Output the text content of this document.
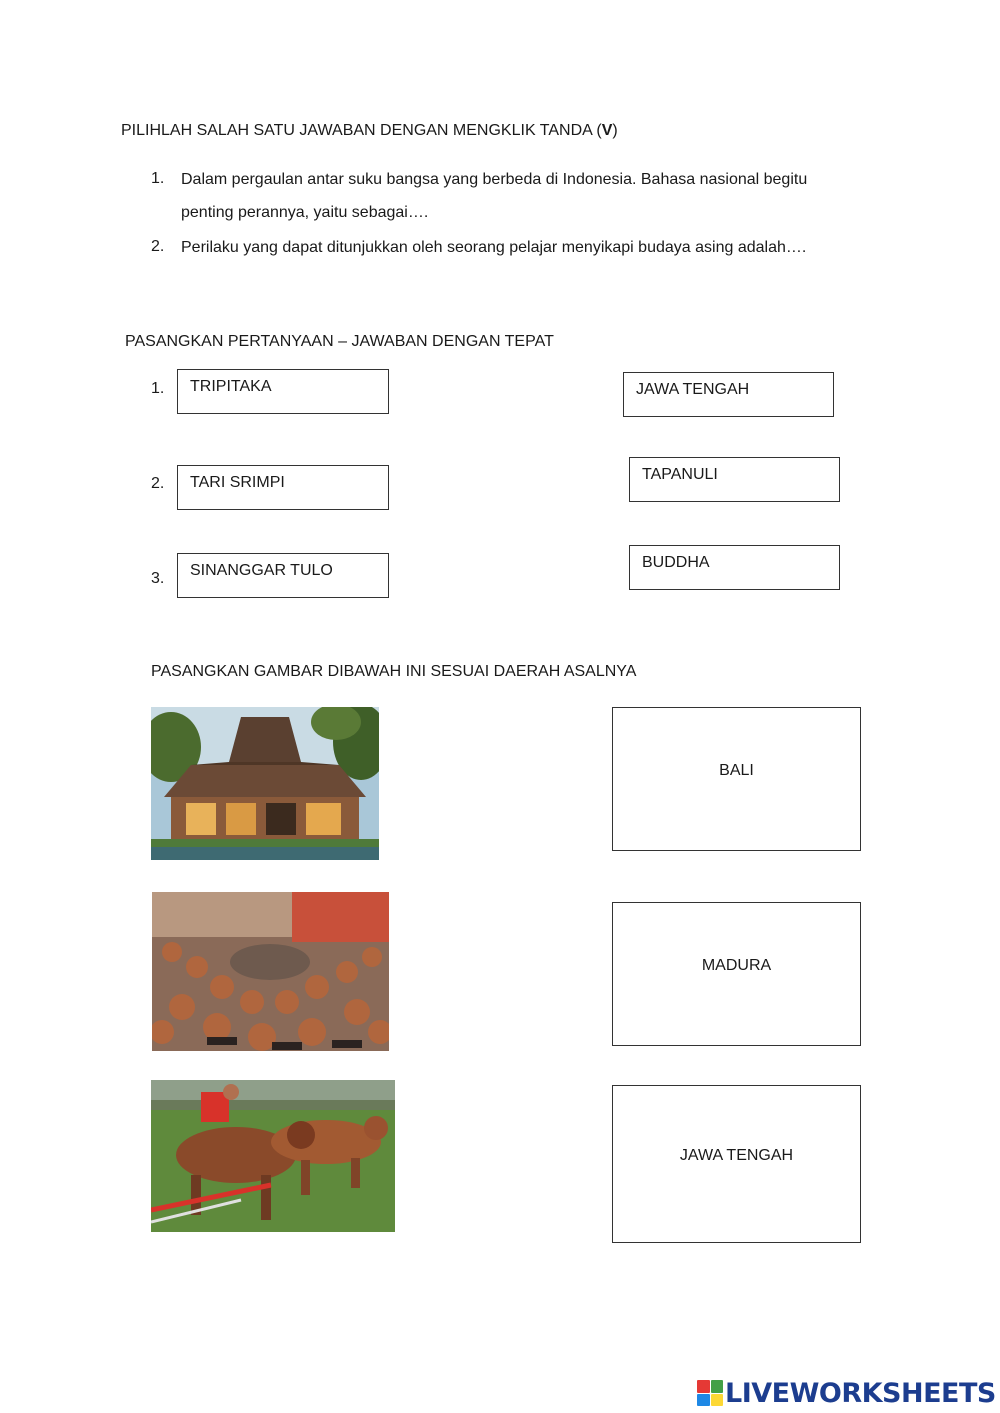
PILIHLAH SALAH SATU JAWABAN DENGAN MENGKLIK TANDA (V)
1. Dalam pergaulan antar suku bangsa yang berbeda di Indonesia. Bahasa nasional begitu
penting perannya, yaitu sebagai….
2. Perilaku yang dapat ditunjukkan oleh seorang pelajar menyikapi budaya asing adalah….
PASANGKAN PERTANYAAN – JAWABAN DENGAN TEPAT
1. TRIPITAKA
2. TARI SRIMPI
3. SINANGGAR TULO
JAWA TENGAH
TAPANULI
BUDDHA
PASANGKAN GAMBAR DIBAWAH INI SESUAI DAERAH ASALNYA
BALI
MADURA
JAWA TENGAH
LIVEWORKSHEETS
